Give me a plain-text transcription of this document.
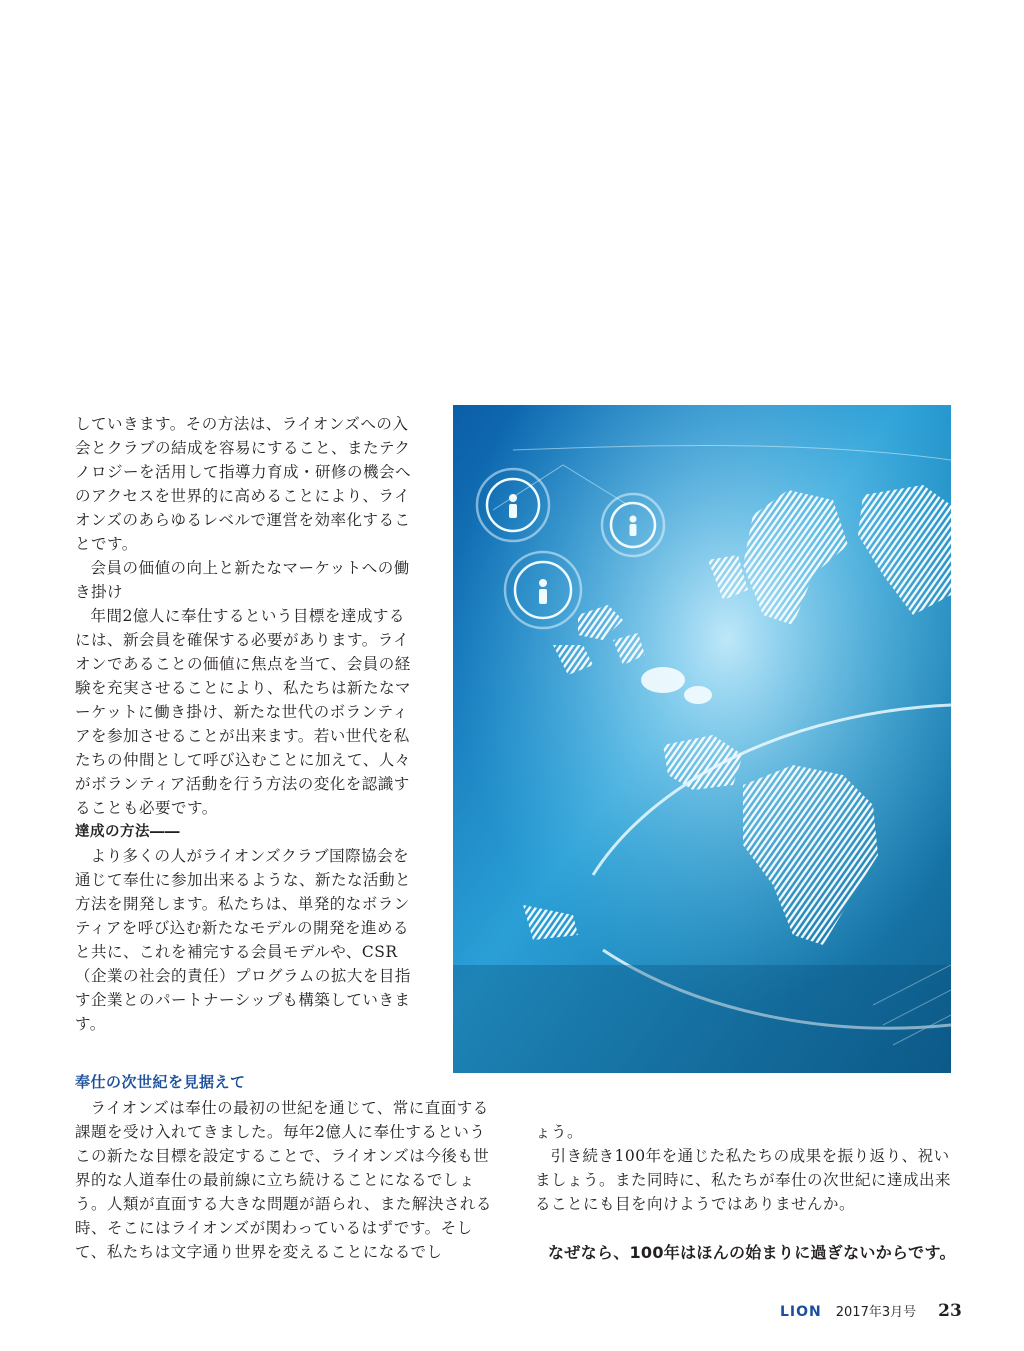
していきます。その方法は、ライオンズへの入会とクラブの結成を容易にすること、またテクノロジーを活用して指導力育成・研修の機会へのアクセスを世界的に高めることにより、ライオンズのあらゆるレベルで運営を効率化することです。

会員の価値の向上と新たなマーケットへの働き掛け

年間2億人に奉仕するという目標を達成するには、新会員を確保する必要があります。ライオンであることの価値に焦点を当て、会員の経験を充実させることにより、私たちは新たなマーケットに働き掛け、新たな世代のボランティアを参加させることが出来ます。若い世代を私たちの仲間として呼び込むことに加えて、人々がボランティア活動を行う方法の変化を認識することも必要です。

達成の方法――

より多くの人がライオンズクラブ国際協会を通じて奉仕に参加出来るような、新たな活動と方法を開発します。私たちは、単発的なボランティアを呼び込む新たなモデルの開発を進めると共に、これを補完する会員モデルや、CSR（企業の社会的責任）プログラムの拡大を目指す企業とのパートナーシップも構築していきます。

奉仕の次世紀を見据えて

ライオンズは奉仕の最初の世紀を通じて、常に直面する課題を受け入れてきました。毎年2億人に奉仕するというこの新たな目標を設定することで、ライオンズは今後も世界的な人道奉仕の最前線に立ち続けることになるでしょう。人類が直面する大きな問題が語られ、また解決される時、そこにはライオンズが関わっているはずです。そして、私たちは文字通り世界を変えることになるでし

ょう。

引き続き100年を通じた私たちの成果を振り返り、祝いましょう。また同時に、私たちが奉仕の次世紀に達成出来ることにも目を向けようではありませんか。

なぜなら、100年はほんの始まりに過ぎないからです。

LION 2017年3月号 23
